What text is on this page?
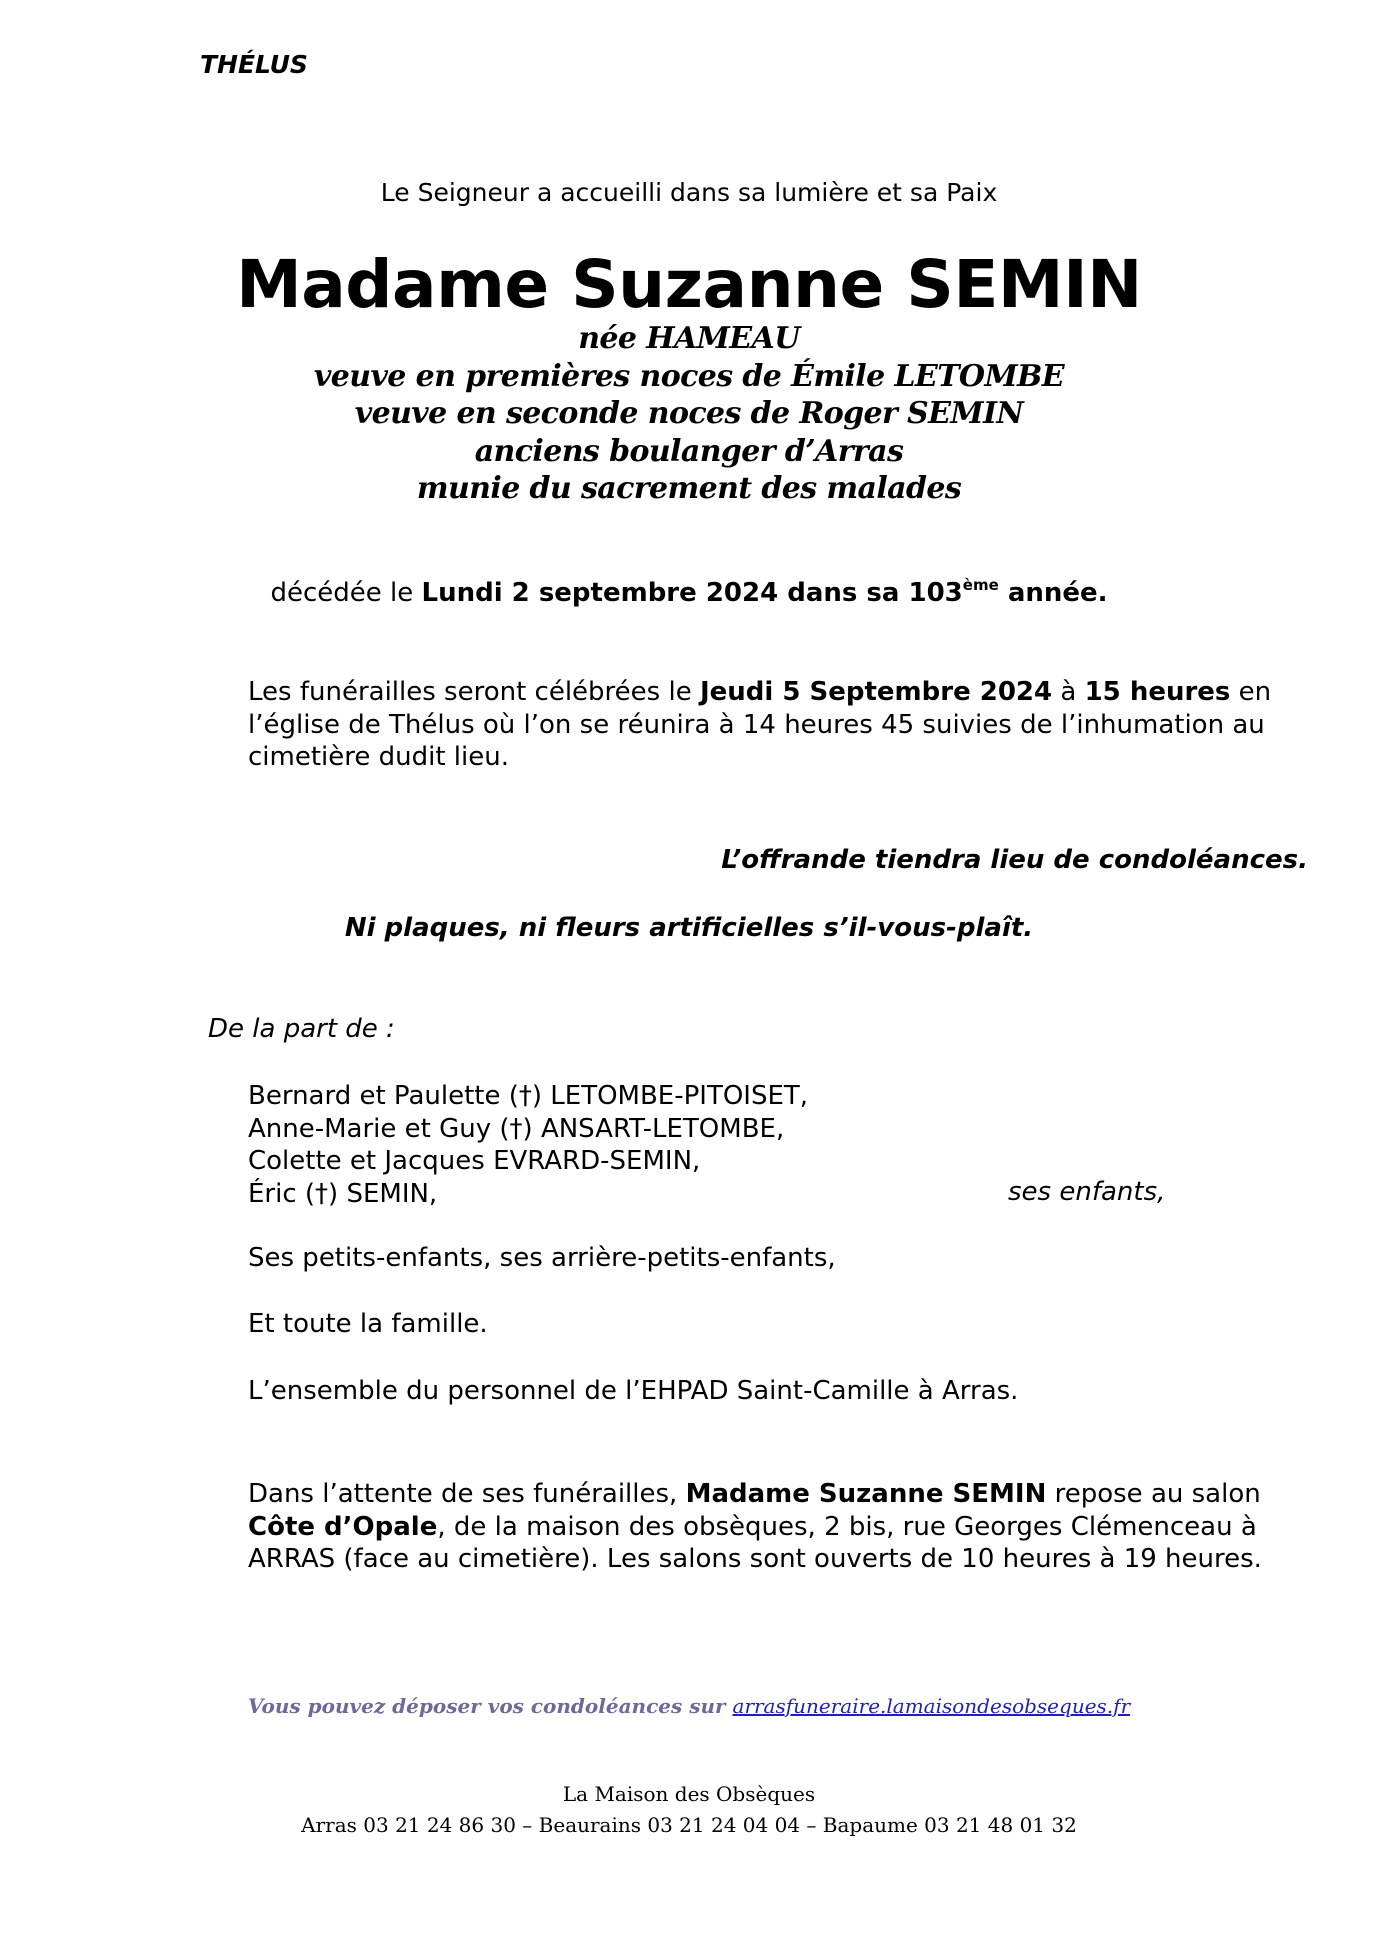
THÉLUS
Le Seigneur a accueilli dans sa lumière et sa Paix
Madame Suzanne SEMIN
née HAMEAU
veuve en premières noces de Émile LETOMBE
veuve en seconde noces de Roger SEMIN
anciens boulanger d’Arras
munie du sacrement des malades
décédée le Lundi 2 septembre 2024 dans sa 103ème année.
Les funérailles seront célébrées le Jeudi 5 Septembre 2024 à 15 heures en
l’église de Thélus où l’on se réunira à 14 heures 45 suivies de l’inhumation au
cimetière dudit lieu.
L’offrande tiendra lieu de condoléances.
Ni plaques, ni fleurs artificielles s’il-vous-plaît.
De la part de :
Bernard et Paulette (†) LETOMBE-PITOISET,
Anne-Marie et Guy (†) ANSART-LETOMBE,
Colette et Jacques EVRARD-SEMIN,
Éric (†) SEMIN,	ses enfants,
Ses petits-enfants, ses arrière-petits-enfants,
Et toute la famille.
L’ensemble du personnel de l’EHPAD Saint-Camille à Arras.
Dans l’attente de ses funérailles, Madame Suzanne SEMIN repose au salon
Côte d’Opale, de la maison des obsèques, 2 bis, rue Georges Clémenceau à
ARRAS (face au cimetière). Les salons sont ouverts de 10 heures à 19 heures.
Vous pouvez déposer vos condoléances sur arrasfuneraire.lamaisondesobseques.fr
La Maison des Obsèques
Arras 03 21 24 86 30 – Beaurains 03 21 24 04 04 – Bapaume 03 21 48 01 32
